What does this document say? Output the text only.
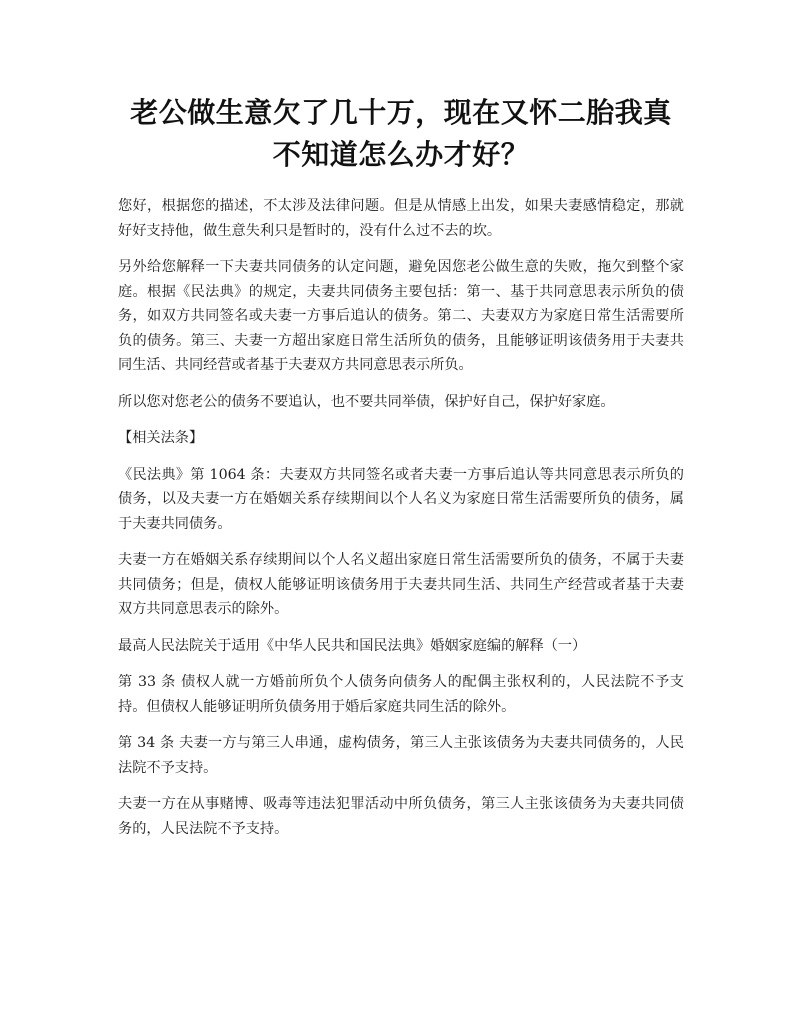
老公做生意欠了几十万，现在又怀二胎我真
不知道怎么办才好？

您好，根据您的描述，不太涉及法律问题。但是从情感上出发，如果夫妻感情稳定，那就好好支持他，做生意失利只是暂时的，没有什么过不去的坎。

另外给您解释一下夫妻共同债务的认定问题，避免因您老公做生意的失败，拖欠到整个家庭。根据《民法典》的规定，夫妻共同债务主要包括：第一、基于共同意思表示所负的债务，如双方共同签名或夫妻一方事后追认的债务。第二、夫妻双方为家庭日常生活需要所负的债务。第三、夫妻一方超出家庭日常生活所负的债务，且能够证明该债务用于夫妻共同生活、共同经营或者基于夫妻双方共同意思表示所负。

所以您对您老公的债务不要追认，也不要共同举债，保护好自己，保护好家庭。

【相关法条】

《民法典》第 1064 条：夫妻双方共同签名或者夫妻一方事后追认等共同意思表示所负的债务，以及夫妻一方在婚姻关系存续期间以个人名义为家庭日常生活需要所负的债务，属于夫妻共同债务。

夫妻一方在婚姻关系存续期间以个人名义超出家庭日常生活需要所负的债务，不属于夫妻共同债务；但是，债权人能够证明该债务用于夫妻共同生活、共同生产经营或者基于夫妻双方共同意思表示的除外。

最高人民法院关于适用《中华人民共和国民法典》婚姻家庭编的解释（一）

第 33 条 债权人就一方婚前所负个人债务向债务人的配偶主张权利的，人民法院不予支持。但债权人能够证明所负债务用于婚后家庭共同生活的除外。

第 34 条 夫妻一方与第三人串通，虚构债务，第三人主张该债务为夫妻共同债务的，人民法院不予支持。

夫妻一方在从事赌博、吸毒等违法犯罪活动中所负债务，第三人主张该债务为夫妻共同债务的，人民法院不予支持。
